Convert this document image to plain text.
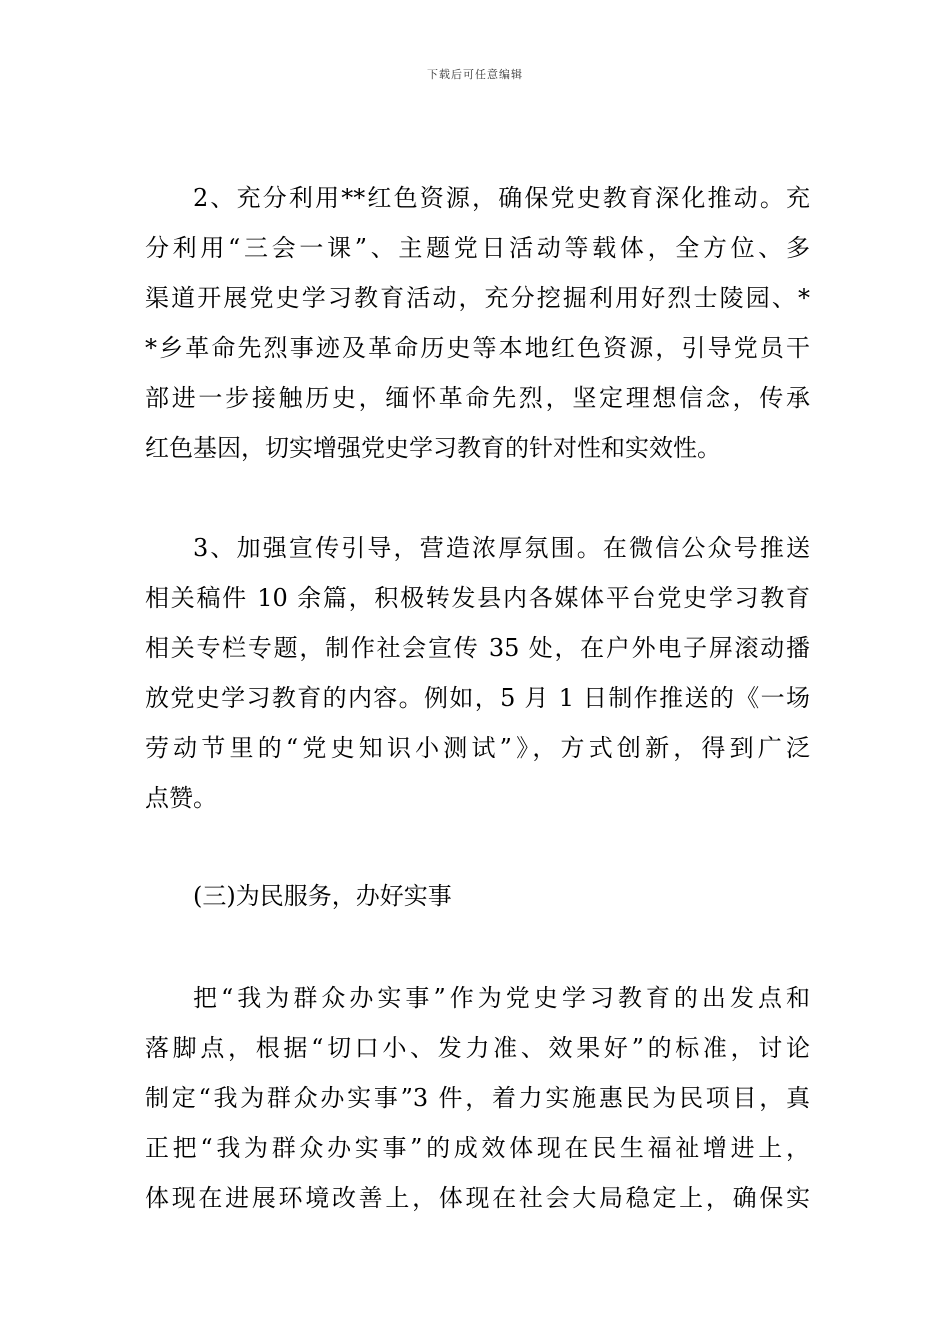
下载后可任意编辑
2、充分利用**红色资源，确保党史教育深化推动。充
分利用“三会一课”、主题党日活动等载体，全方位、多
渠道开展党史学习教育活动，充分挖掘利用好烈士陵园、*
*乡革命先烈事迹及革命历史等本地红色资源，引导党员干
部进一步接触历史，缅怀革命先烈，坚定理想信念，传承
红色基因，切实增强党史学习教育的针对性和实效性。
3、加强宣传引导，营造浓厚氛围。在微信公众号推送
相关稿件 10 余篇，积极转发县内各媒体平台党史学习教育
相关专栏专题，制作社会宣传 35 处，在户外电子屏滚动播
放党史学习教育的内容。例如，5 月 1 日制作推送的《一场
劳动节里的“党史知识小测试”》，方式创新，得到广泛
点赞。
(三)为民服务，办好实事
把“我为群众办实事”作为党史学习教育的出发点和
落脚点，根据“切口小、发力准、效果好”的标准，讨论
制定“我为群众办实事”3 件，着力实施惠民为民项目，真
正把“我为群众办实事”的成效体现在民生福祉增进上，
体现在进展环境改善上，体现在社会大局稳定上，确保实
